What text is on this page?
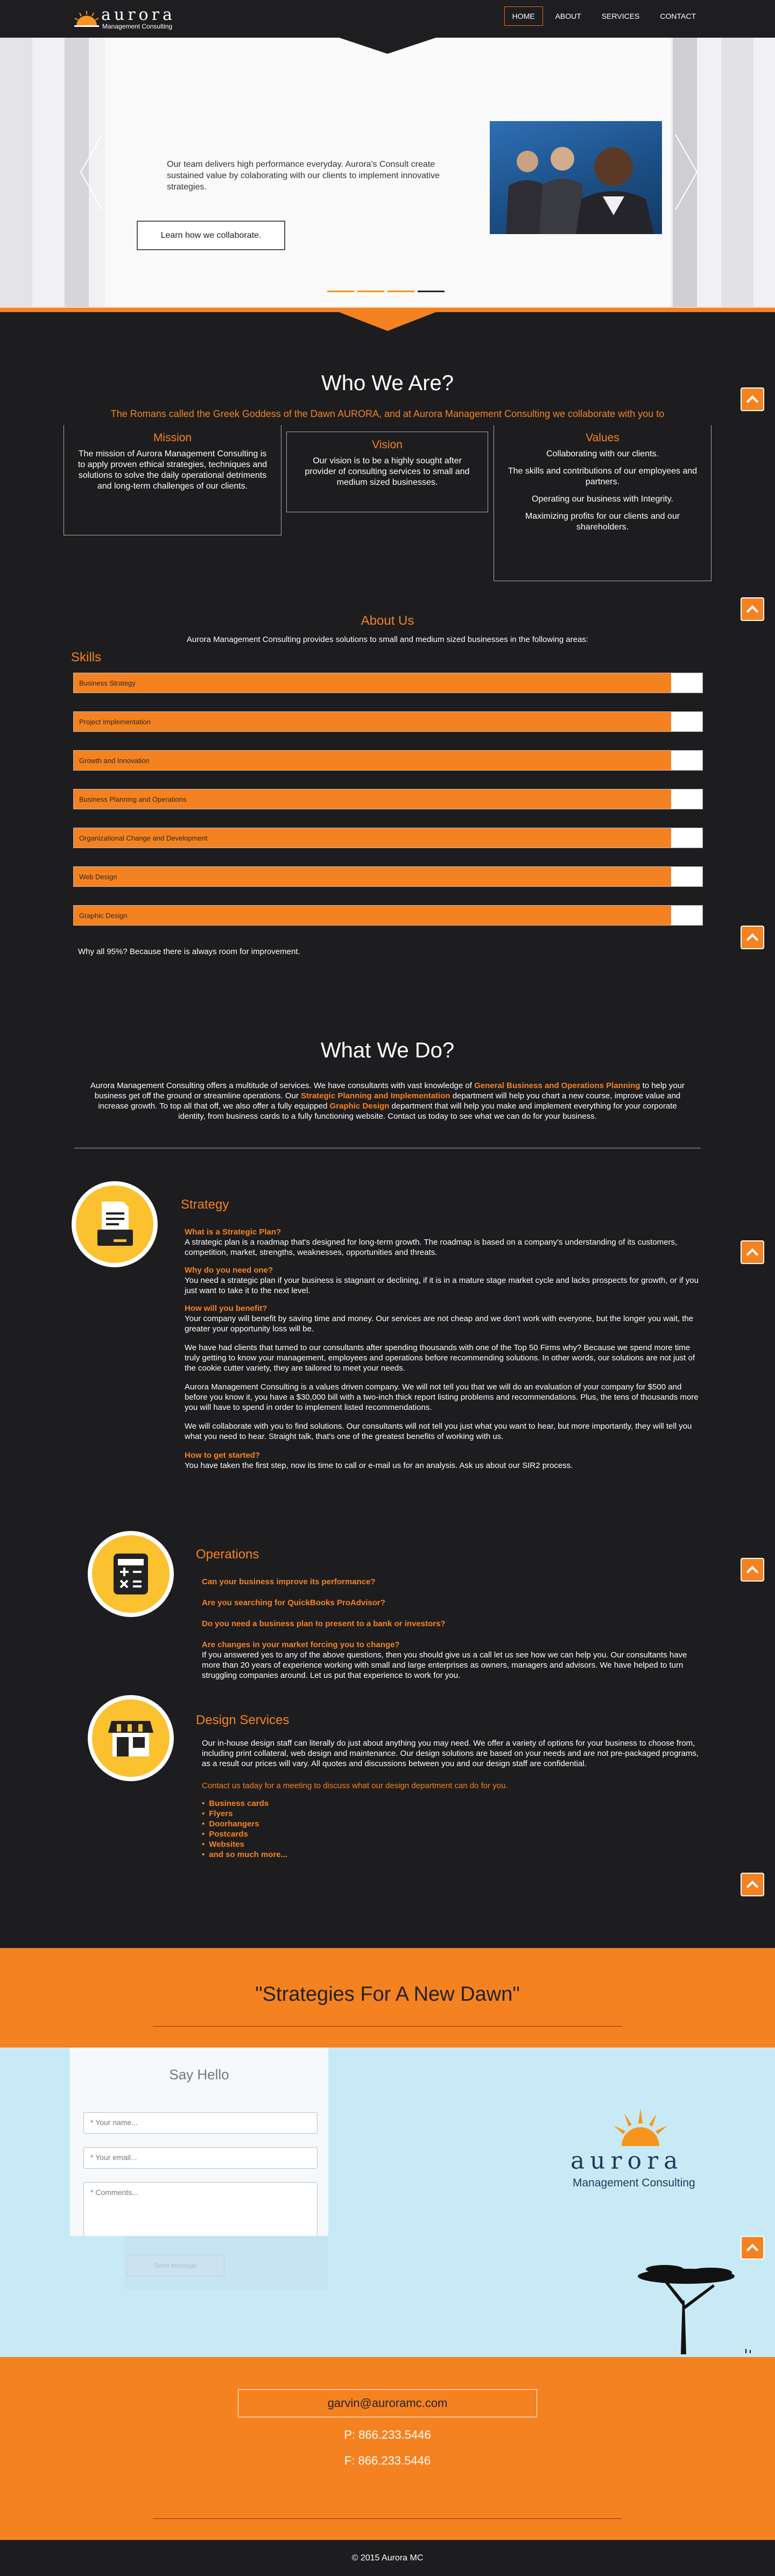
aurora
Management Consulting
HOME	ABOUT	SERVICES	CONTACT
Our team delivers high performance everyday. Aurora's Consult create sustained value by colaborating with our clients to implement innovative strategies.
Learn how we collaborate.
Who We Are?
The Romans called the Greek Goddess of the Dawn AURORA, and at Aurora Management Consulting we collaborate with you to
Mission

The mission of Aurora Management Consulting is to apply proven ethical strategies, techniques and solutions to solve the daily operational detriments and long-term challenges of our clients.

Vision

Our vision is to be a highly sought after provider of consulting services to small and medium sized businesses.

Values

Collaborating with our clients.

The skills and contributions of our employees and partners.

Operating our business with Integrity.

Maximizing profits for our clients and our shareholders.

About Us
Aurora Management Consulting provides solutions to small and medium sized businesses in the following areas:
Skills
Business Strategy
Project Implementation
Growth and Innovation
Business Planning and Operations
Organizational Change and Development
Web Design
Graphic Design
Why all 95%? Because there is always room for improvement.
What We Do?
Aurora Management Consulting offers a multitude of services. We have consultants with vast knowledge of General Business and Operations Planning to help your business get off the ground or streamline operations. Our Strategic Planning and Implementation department will help you chart a new course, improve value and increase growth. To top all that off, we also offer a fully equipped Graphic Design department that will help you make and implement everything for your corporate identity, from business cards to a fully functioning website. Contact us today to see what we can do for your business.
Strategy
What is a Strategic Plan?
A strategic plan is a roadmap that's designed for long-term growth. The roadmap is based on a company's understanding of its customers, competition, market, strengths, weaknesses, opportunities and threats.
Why do you need one?
You need a strategic plan if your business is stagnant or declining, if it is in a mature stage market cycle and lacks prospects for growth, or if you just want to take it to the next level.
How will you benefit?
Your company will benefit by saving time and money. Our services are not cheap and we don't work with everyone, but the longer you wait, the greater your opportunity loss will be.

We have had clients that turned to our consultants after spending thousands with one of the Top 50 Firms why? Because we spend more time truly getting to know your management, employees and operations before recommending solutions. In other words, our solutions are not just of the cookie cutter variety, they are tailored to meet your needs.

Aurora Management Consulting is a values driven company. We will not tell you that we will do an evaluation of your company for $500 and before you know it, you have a $30,000 bill with a two-inch thick report listing problems and recommendations. Plus, the tens of thousands more you will have to spend in order to implement listed recommendations.

We will collaborate with you to find solutions. Our consultants will not tell you just what you want to hear, but more importantly, they will tell you what you need to hear. Straight talk, that's one of the greatest benefits of working with us.

How to get started?
You have taken the first step, now its time to call or e-mail us for an analysis. Ask us about our SIR2 process.
Operations
Can your business improve its performance?
Are you searching for QuickBooks ProAdvisor?
Do you need a business plan to present to a bank or investors?
Are changes in your market forcing you to change?
If you answered yes to any of the above questions, then you should give us a call let us see how we can help you. Our consultants have more than 20 years of experience working with small and large enterprises as owners, managers and advisors. We have helped to turn struggling companies around. Let us put that experience to work for you.
Design Services
Our in-house design staff can literally do just about anything you may need. We offer a variety of options for your business to choose from, including print collateral, web design and maintenance. Our design solutions are based on your needs and are not pre-packaged programs, as a result our prices will vary. All quotes and discussions between you and our design staff are confidential.
Contact us taday for a meeting to discuss what our design department can do for you.
• Business cards
• Flyers
• Doorhangers
• Postcards
• Websites
• and so much more...
"Strategies For A New Dawn"
Say Hello
* Your name...
* Your email...
* Comments...
Send message
aurora
Management Consulting
garvin@auroramc.com
P: 866.233.5446
F: 866.233.5446
© 2015 Aurora MC
